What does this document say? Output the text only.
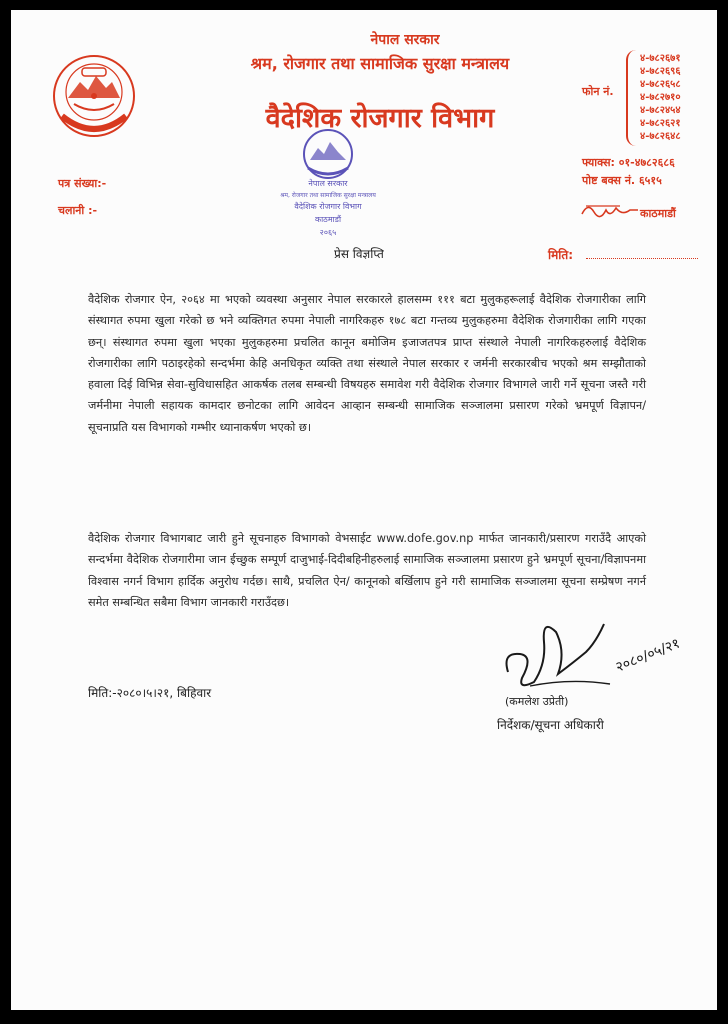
नेपाल सरकार
श्रम, रोजगार तथा सामाजिक सुरक्षा मन्त्रालय
वैदेशिक रोजगार विभाग
फोन नं.
४-७८२६७१
४-७८२६९६
४-७८२६५८
४-७८२७१०
४-७८२४५४
४-७८२६२१
४-७८२६४८
फ्याक्स: ०१-४७८२६८६
पोष्ट बक्स नं. ६५१५
काठमाडौं
पत्र संख्या:-
चलानी :-
नेपाल सरकार
श्रम, रोजगार तथा सामाजिक सुरक्षा मन्त्रालय
वैदेशिक रोजगार विभाग
काठमाडौं
२०६५
प्रेस विज्ञप्ति	मिति:
वैदेशिक रोजगार ऐन, २०६४ मा भएको व्यवस्था अनुसार नेपाल सरकारले हालसम्म १११ बटा मुलुकहरूलाई वैदेशिक रोजगारीका लागि संस्थागत रुपमा खुला गरेको छ भने व्यक्तिगत रुपमा नेपाली नागरिकहरु १७८ बटा गन्तव्य मुलुकहरुमा वैदेशिक रोजगारीका लागि गएका छन्। संस्थागत रुपमा खुला भएका मुलुकहरुमा प्रचलित कानून बमोजिम इजाजतपत्र प्राप्त संस्थाले नेपाली नागरिकहरुलाई वैदेशिक रोजगारीका लागि पठाइरहेको सन्दर्भमा केहि अनधिकृत व्यक्ति तथा संस्थाले नेपाल सरकार र जर्मनी सरकारबीच भएको श्रम सम्झौताको हवाला दिई विभिन्न सेवा-सुविधासहित आकर्षक तलब सम्बन्धी विषयहरु समावेश गरी वैदेशिक रोजगार विभागले जारी गर्ने सूचना जस्तै गरी जर्मनीमा नेपाली सहायक कामदार छनोटका लागि आवेदन आव्हान सम्बन्धी सामाजिक सञ्जालमा प्रसारण गरेको भ्रमपूर्ण विज्ञापन/सूचनाप्रति यस विभागको गम्भीर ध्यानाकर्षण भएको छ।
वैदेशिक रोजगार विभागबाट जारी हुने सूचनाहरु विभागको वेभसाईट www.dofe.gov.np मार्फत जानकारी/प्रसारण गराउँदै आएको सन्दर्भमा वैदेशिक रोजगारीमा जान ईच्छुक सम्पूर्ण दाजुभाई-दिदीबहिनीहरुलाई सामाजिक सञ्जालमा प्रसारण हुने भ्रमपूर्ण सूचना/विज्ञापनमा विश्वास नगर्न विभाग हार्दिक अनुरोध गर्दछ। साथै, प्रचलित ऐन/ कानूनको बर्खिलाप हुने गरी सामाजिक सञ्जालमा सूचना सम्प्रेषण नगर्न समेत सम्बन्धित सबैमा विभाग जानकारी गराउँदछ।
२०८०/०५/२१
मिति:-२०८०।५।२१, बिहिवार
(कमलेश उप्रेती)
निर्देशक/सूचना अधिकारी
